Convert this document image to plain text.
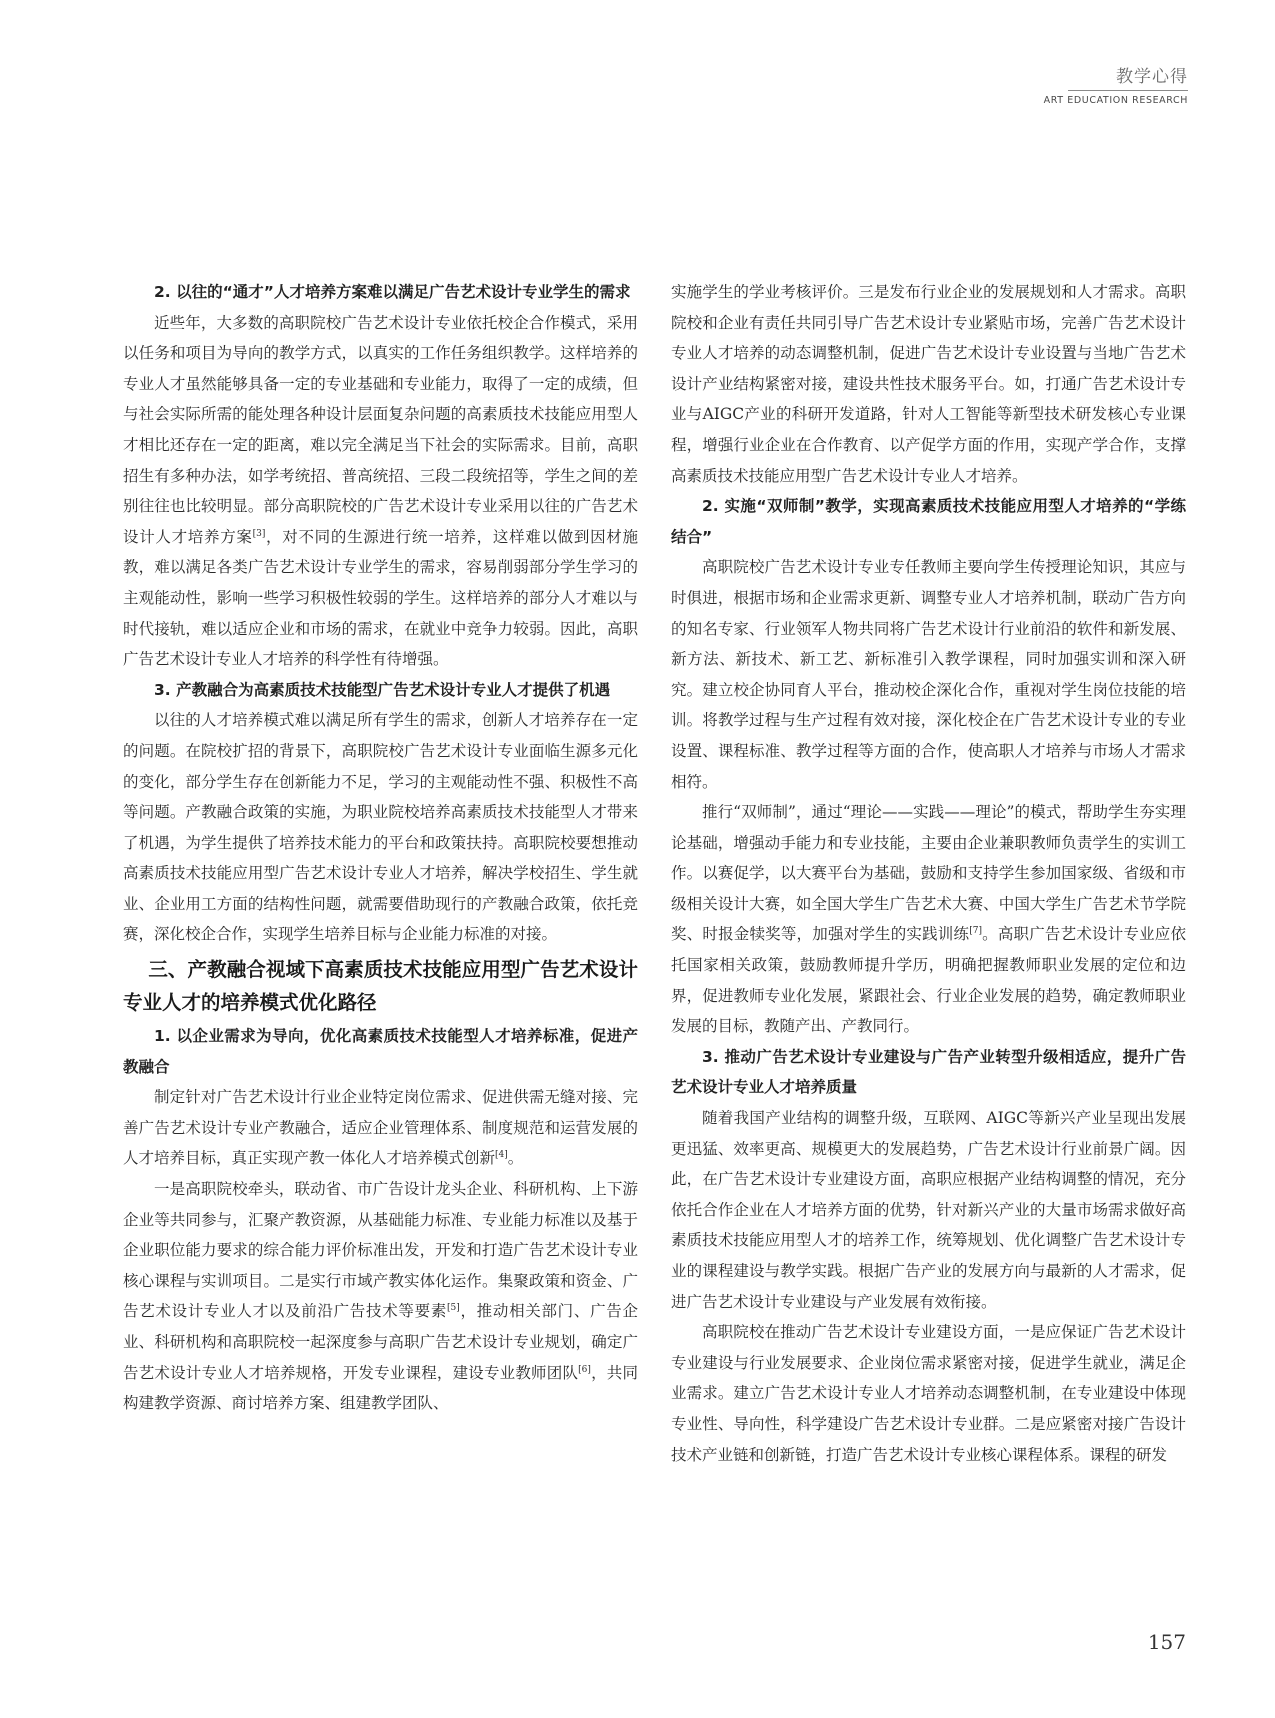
教学心得
ART EDUCATION RESEARCH

2. 以往的“通才”人才培养方案难以满足广告艺术设计专业学生的需求

近些年，大多数的高职院校广告艺术设计专业依托校企合作模式，采用以任务和项目为导向的教学方式，以真实的工作任务组织教学。这样培养的专业人才虽然能够具备一定的专业基础和专业能力，取得了一定的成绩，但与社会实际所需的能处理各种设计层面复杂问题的高素质技术技能应用型人才相比还存在一定的距离，难以完全满足当下社会的实际需求。目前，高职招生有多种办法，如学考统招、普高统招、三段二段统招等，学生之间的差别往往也比较明显。部分高职院校的广告艺术设计专业采用以往的广告艺术设计人才培养方案[3]，对不同的生源进行统一培养，这样难以做到因材施教，难以满足各类广告艺术设计专业学生的需求，容易削弱部分学生学习的主观能动性，影响一些学习积极性较弱的学生。这样培养的部分人才难以与时代接轨，难以适应企业和市场的需求，在就业中竞争力较弱。因此，高职广告艺术设计专业人才培养的科学性有待增强。

3. 产教融合为高素质技术技能型广告艺术设计专业人才提供了机遇

以往的人才培养模式难以满足所有学生的需求，创新人才培养存在一定的问题。在院校扩招的背景下，高职院校广告艺术设计专业面临生源多元化的变化，部分学生存在创新能力不足，学习的主观能动性不强、积极性不高等问题。产教融合政策的实施，为职业院校培养高素质技术技能型人才带来了机遇，为学生提供了培养技术能力的平台和政策扶持。高职院校要想推动高素质技术技能应用型广告艺术设计专业人才培养，解决学校招生、学生就业、企业用工方面的结构性问题，就需要借助现行的产教融合政策，依托竞赛，深化校企合作，实现学生培养目标与企业能力标准的对接。

三、产教融合视域下高素质技术技能应用型广告艺术设计专业人才的培养模式优化路径

1. 以企业需求为导向，优化高素质技术技能型人才培养标准，促进产教融合

制定针对广告艺术设计行业企业特定岗位需求、促进供需无缝对接、完善广告艺术设计专业产教融合，适应企业管理体系、制度规范和运营发展的人才培养目标，真正实现产教一体化人才培养模式创新[4]。

一是高职院校牵头，联动省、市广告设计龙头企业、科研机构、上下游企业等共同参与，汇聚产教资源，从基础能力标准、专业能力标准以及基于企业职位能力要求的综合能力评价标准出发，开发和打造广告艺术设计专业核心课程与实训项目。二是实行市域产教实体化运作。集聚政策和资金、广告艺术设计专业人才以及前沿广告技术等要素[5]，推动相关部门、广告企业、科研机构和高职院校一起深度参与高职广告艺术设计专业规划，确定广告艺术设计专业人才培养规格，开发专业课程，建设专业教师团队[6]，共同构建教学资源、商讨培养方案、组建教学团队、

实施学生的学业考核评价。三是发布行业企业的发展规划和人才需求。高职院校和企业有责任共同引导广告艺术设计专业紧贴市场，完善广告艺术设计专业人才培养的动态调整机制，促进广告艺术设计专业设置与当地广告艺术设计产业结构紧密对接，建设共性技术服务平台。如，打通广告艺术设计专业与AIGC产业的科研开发道路，针对人工智能等新型技术研发核心专业课程，增强行业企业在合作教育、以产促学方面的作用，实现产学合作，支撑高素质技术技能应用型广告艺术设计专业人才培养。

2. 实施“双师制”教学，实现高素质技术技能应用型人才培养的“学练结合”

高职院校广告艺术设计专业专任教师主要向学生传授理论知识，其应与时俱进，根据市场和企业需求更新、调整专业人才培养机制，联动广告方向的知名专家、行业领军人物共同将广告艺术设计行业前沿的软件和新发展、新方法、新技术、新工艺、新标准引入教学课程，同时加强实训和深入研究。建立校企协同育人平台，推动校企深化合作，重视对学生岗位技能的培训。将教学过程与生产过程有效对接，深化校企在广告艺术设计专业的专业设置、课程标准、教学过程等方面的合作，使高职人才培养与市场人才需求相符。

推行“双师制”，通过“理论——实践——理论”的模式，帮助学生夯实理论基础，增强动手能力和专业技能，主要由企业兼职教师负责学生的实训工作。以赛促学，以大赛平台为基础，鼓励和支持学生参加国家级、省级和市级相关设计大赛，如全国大学生广告艺术大赛、中国大学生广告艺术节学院奖、时报金犊奖等，加强对学生的实践训练[7]。高职广告艺术设计专业应依托国家相关政策，鼓励教师提升学历，明确把握教师职业发展的定位和边界，促进教师专业化发展，紧跟社会、行业企业发展的趋势，确定教师职业发展的目标，教随产出、产教同行。

3. 推动广告艺术设计专业建设与广告产业转型升级相适应，提升广告艺术设计专业人才培养质量

随着我国产业结构的调整升级，互联网、AIGC等新兴产业呈现出发展更迅猛、效率更高、规模更大的发展趋势，广告艺术设计行业前景广阔。因此，在广告艺术设计专业建设方面，高职应根据产业结构调整的情况，充分依托合作企业在人才培养方面的优势，针对新兴产业的大量市场需求做好高素质技术技能应用型人才的培养工作，统筹规划、优化调整广告艺术设计专业的课程建设与教学实践。根据广告产业的发展方向与最新的人才需求，促进广告艺术设计专业建设与产业发展有效衔接。

高职院校在推动广告艺术设计专业建设方面，一是应保证广告艺术设计专业建设与行业发展要求、企业岗位需求紧密对接，促进学生就业，满足企业需求。建立广告艺术设计专业人才培养动态调整机制，在专业建设中体现专业性、导向性，科学建设广告艺术设计专业群。二是应紧密对接广告设计技术产业链和创新链，打造广告艺术设计专业核心课程体系。课程的研发

157
